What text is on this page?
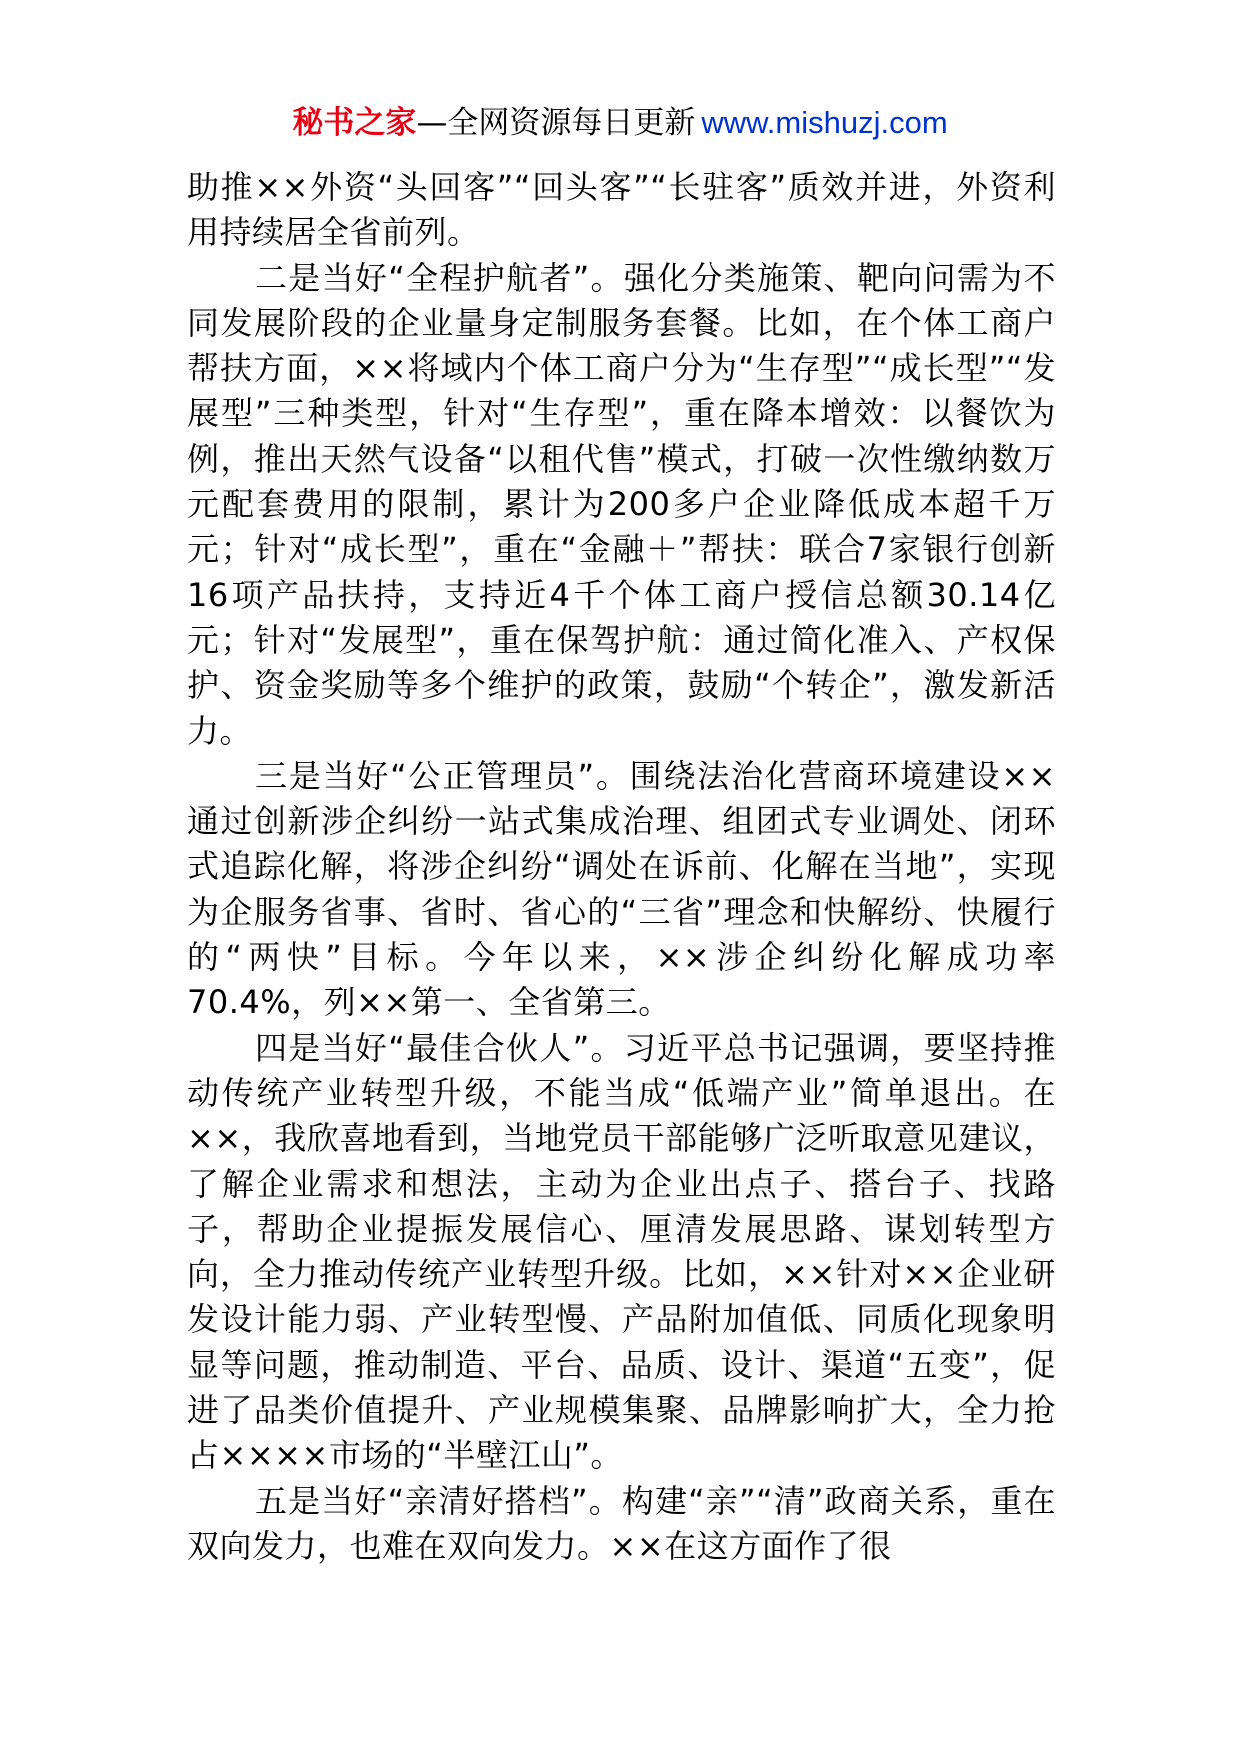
秘书之家—全网资源每日更新 www.mishuzj.com

助推××外资“头回客”“回头客”“长驻客”质效并进，外资利用持续居全省前列。

二是当好“全程护航者”。强化分类施策、靶向问需为不同发展阶段的企业量身定制服务套餐。比如，在个体工商户帮扶方面，××将域内个体工商户分为“生存型”“成长型”“发展型”三种类型，针对“生存型”，重在降本增效：以餐饮为例，推出天然气设备“以租代售”模式，打破一次性缴纳数万元配套费用的限制，累计为200多户企业降低成本超千万元；针对“成长型”，重在“金融＋”帮扶：联合7家银行创新16项产品扶持，支持近4千个体工商户授信总额30.14亿元；针对“发展型”，重在保驾护航：通过简化准入、产权保护、资金奖励等多个维护的政策，鼓励“个转企”，激发新活力。

三是当好“公正管理员”。围绕法治化营商环境建设××通过创新涉企纠纷一站式集成治理、组团式专业调处、闭环式追踪化解，将涉企纠纷“调处在诉前、化解在当地”，实现为企服务省事、省时、省心的“三省”理念和快解纷、快履行的“两快”目标。今年以来，××涉企纠纷化解成功率70.4%，列××第一、全省第三。

四是当好“最佳合伙人”。习近平总书记强调，要坚持推动传统产业转型升级，不能当成“低端产业”简单退出。在××，我欣喜地看到，当地党员干部能够广泛听取意见建议，了解企业需求和想法，主动为企业出点子、搭台子、找路子，帮助企业提振发展信心、厘清发展思路、谋划转型方向，全力推动传统产业转型升级。比如，××针对××企业研发设计能力弱、产业转型慢、产品附加值低、同质化现象明显等问题，推动制造、平台、品质、设计、渠道“五变”，促进了品类价值提升、产业规模集聚、品牌影响扩大，全力抢占××××市场的“半壁江山”。

五是当好“亲清好搭档”。构建“亲”“清”政商关系，重在双向发力，也难在双向发力。××在这方面作了很
